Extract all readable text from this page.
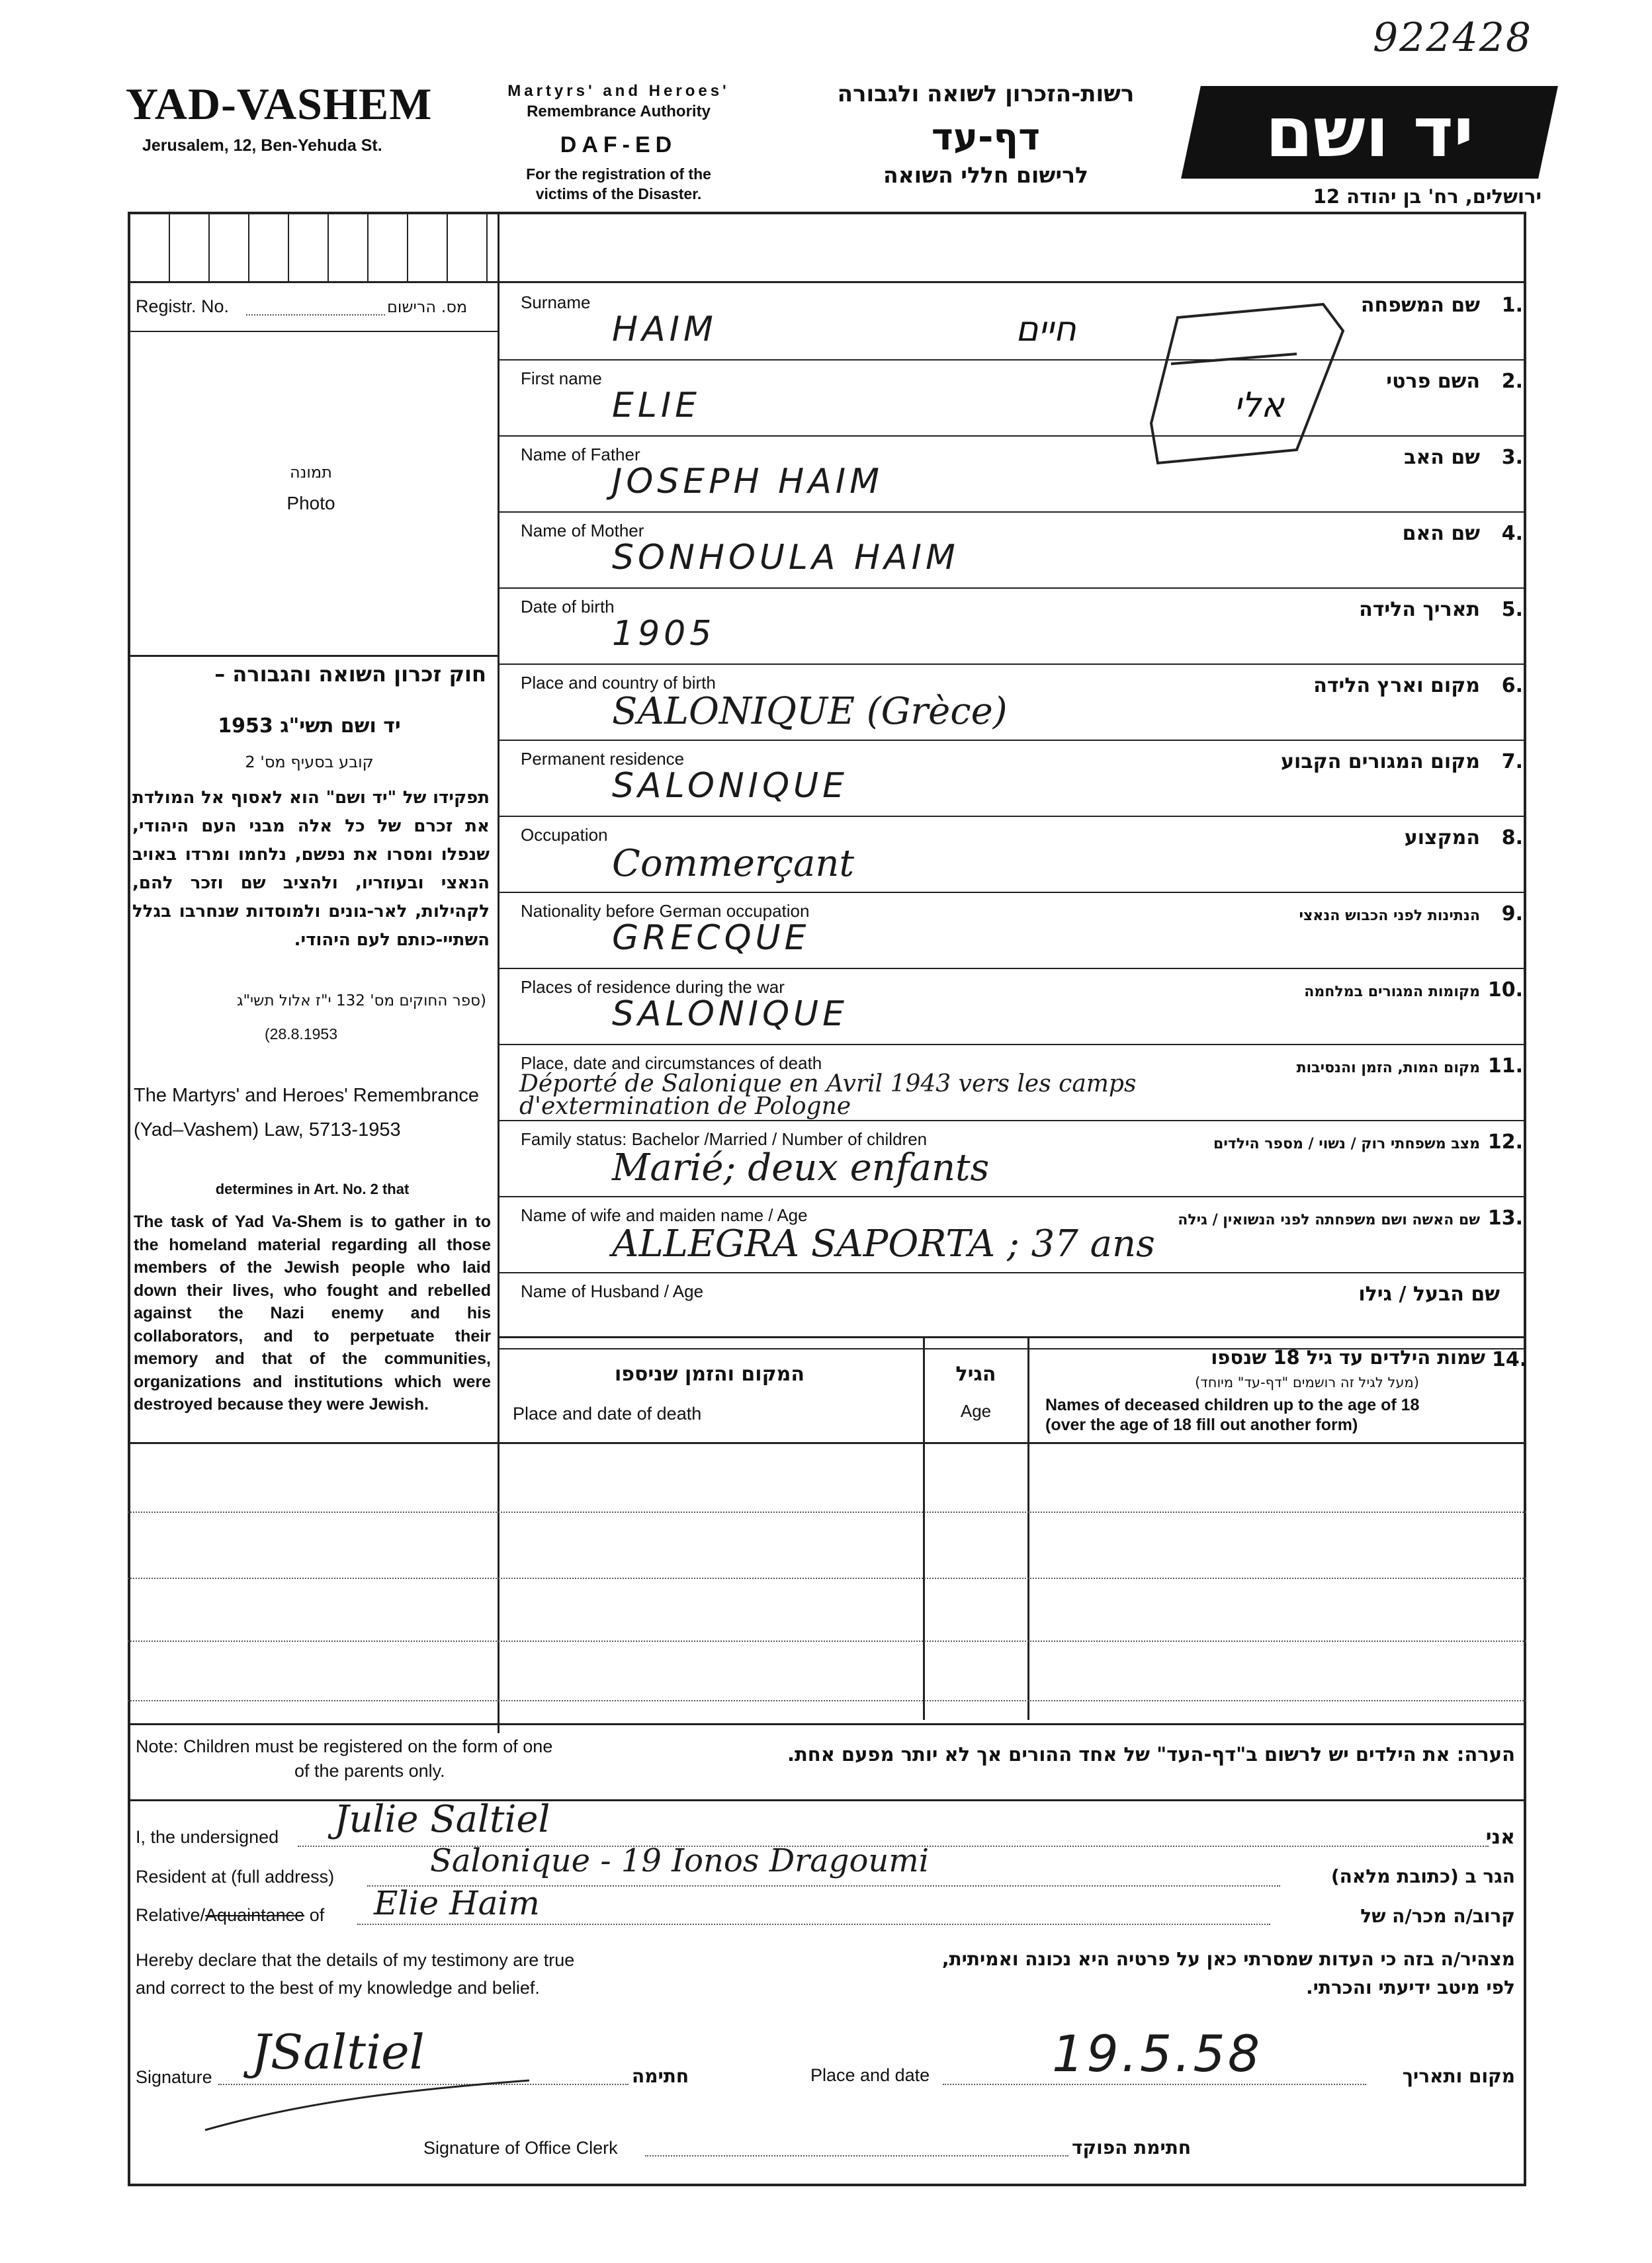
922428
YAD-VASHEM
Jerusalem, 12, Ben-Yehuda St.
Martyrs' and Heroes'
Remembrance Authority
DAF-ED
For the registration of the
victims of the Disaster.
רשות-הזכרון לשואה ולגבורה
דף-עד
לרישום חללי השואה
יד ושם
ירושלים, רח' בן יהודה 12
Registr. No.	מס. הרישום
תמונה
Photo
חוק זכרון השואה והגבורה –
יד ושם תשי"ג 1953
קובע בסעיף מס' 2
תפקידו של "יד ושם" הוא לאסוף אל המולדת את זכרם של כל אלה מבני העם היהודי, שנפלו ומסרו את נפשם, נלחמו ומרדו באויב הנאצי ובעוזריו, ולהציב שם וזכר להם, לקהילות, לאר-גונים ולמוסדות שנחרבו בגלל השתיי-כותם לעם היהודי.
(ספר החוקים מס' 132 י"ז אלול תשי"ג
(28.8.1953
The Martyrs' and Heroes' Remembrance (Yad–Vashem) Law, 5713-1953
determines in Art. No. 2 that
The task of Yad Va-Shem is to gather in to the homeland material regarding all those members of the Jewish people who laid down their lives, who fought and rebelled against the Nazi enemy and his collaborators, and to perpetuate their memory and that of the communities, organizations and institutions which were destroyed because they were Jewish.
Surname	1.
שם המשפחה
HAIM	חיים
First name	2.
השם פרטי
ELIE	אלי
Name of Father	3.
שם האב
JOSEPH HAIM
Name of Mother	4.
שם האם
SONHOULA HAIM
Date of birth	5.
תאריך הלידה
1905
Place and country of birth	6.
מקום וארץ הלידה
SALONIQUE (Grèce)
Permanent residence	7.
מקום המגורים הקבוע
SALONIQUE
Occupation	8.
המקצוע
Commerçant
Nationality before German occupation	9.
הנתינות לפני הכבוש הנאצי
GRECQUE
Places of residence during the war	10.
מקומות המגורים במלחמה
SALONIQUE
Place, date and circumstances of death	11.
מקום המות, הזמן והנסיבות
Déporté de Salonique en Avril 1943 vers les camps d'extermination de Pologne
Family status: Bachelor /Married / Number of children	12.
מצב משפחתי רוק / נשוי / מספר הילדים
Marié; deux enfants
Name of wife and maiden name / Age	13.
שם האשה ושם משפחתה לפני הנשואין / גילה
ALLEGRA SAPORTA ; 37 ans
Name of Husband / Age	שם הבעל / גילו
14.
שמות הילדים עד גיל 18 שנספו
(מעל לגיל זה רושמים "דף-עד" מיוחד)
Names of deceased children up to the age of 18
(over the age of 18 fill out another form)
הגיל
Age
המקום והזמן שניספו
Place and date of death
Note: Children must be registered on the form of one
of the parents only.
הערה: את הילדים יש לרשום ב"דף-העד" של אחד ההורים אך לא יותר מפעם אחת.
I, the undersigned Julie Saltiel	אני
Resident at (full address)	Salonique - 19 Ionos Dragoumi	הגר ב (כתובת מלאה)
Relative/Aquaintance of Elie Haim	קרוב/ה מכר/ה של
Hereby declare that the details of my testimony are true
and correct to the best of my knowledge and belief.
מצהיר/ה בזה כי העדות שמסרתי כאן על פרטיה היא נכונה ואמיתית,
לפי מיטב ידיעתי והכרתי.
Signature JSaltiel	חתימה	Place and date 19.5.58	מקום ותאריך
Signature of Office Clerk	חתימת הפוקד
